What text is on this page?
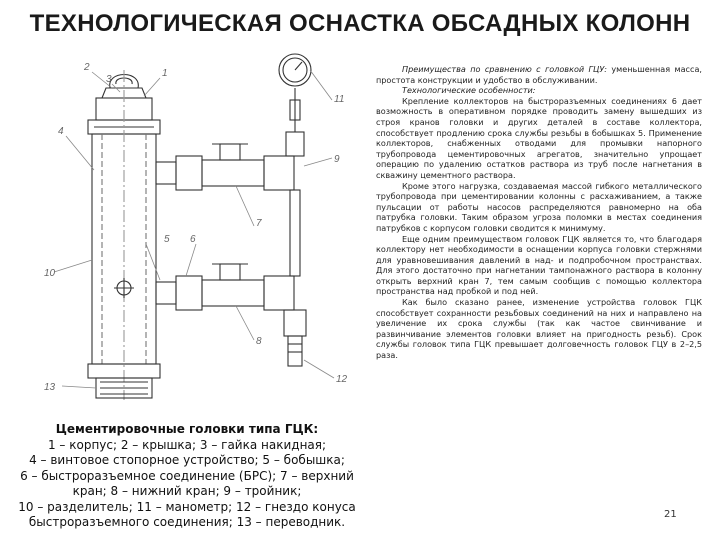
ТЕХНОЛОГИЧЕСКАЯ ОСНАСТКА ОБСАДНЫХ КОЛОНН
2
3
1
11
4
5 6
7
8
9
10
12
13
Цементировочные головки типа ГЦК:
1 – корпус; 2 – крышка; 3 – гайка накидная;
4 – винтовое стопорное устройство; 5 – бобышка;
6 – быстроразъемное соединение (БРС); 7 – верхний
кран; 8 – нижний кран; 9 – тройник;
10 – разделитель; 11 – манометр; 12 – гнездо конуса
быстроразъемного соединения; 13 – переводник.

Преимущества по сравнению с головкой ГЦУ: уменьшенная масса, простота конструкции и удобство в обслуживании.

Технологические особенности:

Крепление коллекторов на быстроразъемных соединениях 6 дает возможность в оперативном порядке проводить замену вышедших из строя кранов головки и других деталей в составе коллектора, способствует продлению срока службы резьбы в бобышках 5. Применение коллекторов, снабженных отводами для промывки напорного трубопровода цементировочных агрегатов, значительно упрощает операцию по удалению остатков раствора из труб после нагнетания в скважину цементного раствора.

Кроме этого нагрузка, создаваемая массой гибкого металлического трубопровода при цементировании колонны с расхаживанием, а также пульсации от работы насосов распределяются равномерно на оба патрубка головки. Таким образом угроза поломки в местах соединения патрубков с корпусом головки сводится к минимуму.

Еще одним преимуществом головок ГЦК является то, что благодаря коллектору нет необходимости в оснащении корпуса головки стержнями для уравновешивания давлений в над- и подпробочном пространствах. Для этого достаточно при нагнетании тампонажного раствора в колонну открыть верхний кран 7, тем самым сообщив с помощью коллектора пространства над пробкой и под ней.

Как было сказано ранее, изменение устройства головок ГЦК способствует сохранности резьбовых соединений на них и направлено на увеличение их срока службы (так как частое свинчивание и развинчивание элементов головки влияет на пригодность резьб). Срок службы головок типа ГЦК превышает долговечность головок ГЦУ в 2–2,5 раза.

21
